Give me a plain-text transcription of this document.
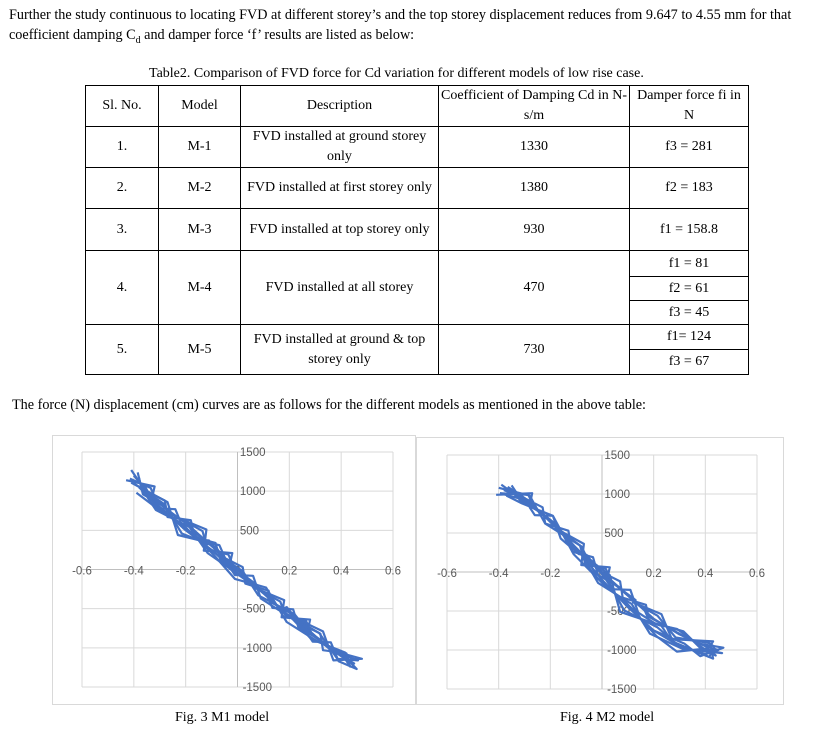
Further the study continuous to locating FVD at different storey’s and the top storey displacement reduces from 9.647 to 4.55 mm for that coefficient damping $C_d$ and damper force ‘f’ results are listed as below:
Table2. Comparison of FVD force for Cd variation for different models of low rise case.
Sl. No.	Model	Description	Coefficient of Damping Cd in N-s/m	Damper force fi in N
1.	M-1	FVD installed at ground storey only	1330	f3 = 281
2.	M-2	FVD installed at first storey only	1380	f2 = 183
3.	M-3	FVD installed at top storey only	930	f1 = 158.8
4.	M-4	FVD installed at all storey	470	f1 = 81
f2 = 61
f3 = 45

5.	M-5	FVD installed at ground & top storey only	730	f1= 124
f3 = 67
The force (N) displacement (cm) curves are as follows for the different models as mentioned in the above table:
-0.6	-0.4	-0.2	0	0.2	0.4	0.6
1500
1000
500
-500
-1000
-1500
-0.6	-0.4	-0.2	0	0.2	0.4	0.6
1500
1000
500
-500
-1000
-1500
Fig. 3 M1 model	Fig. 4 M2 model
